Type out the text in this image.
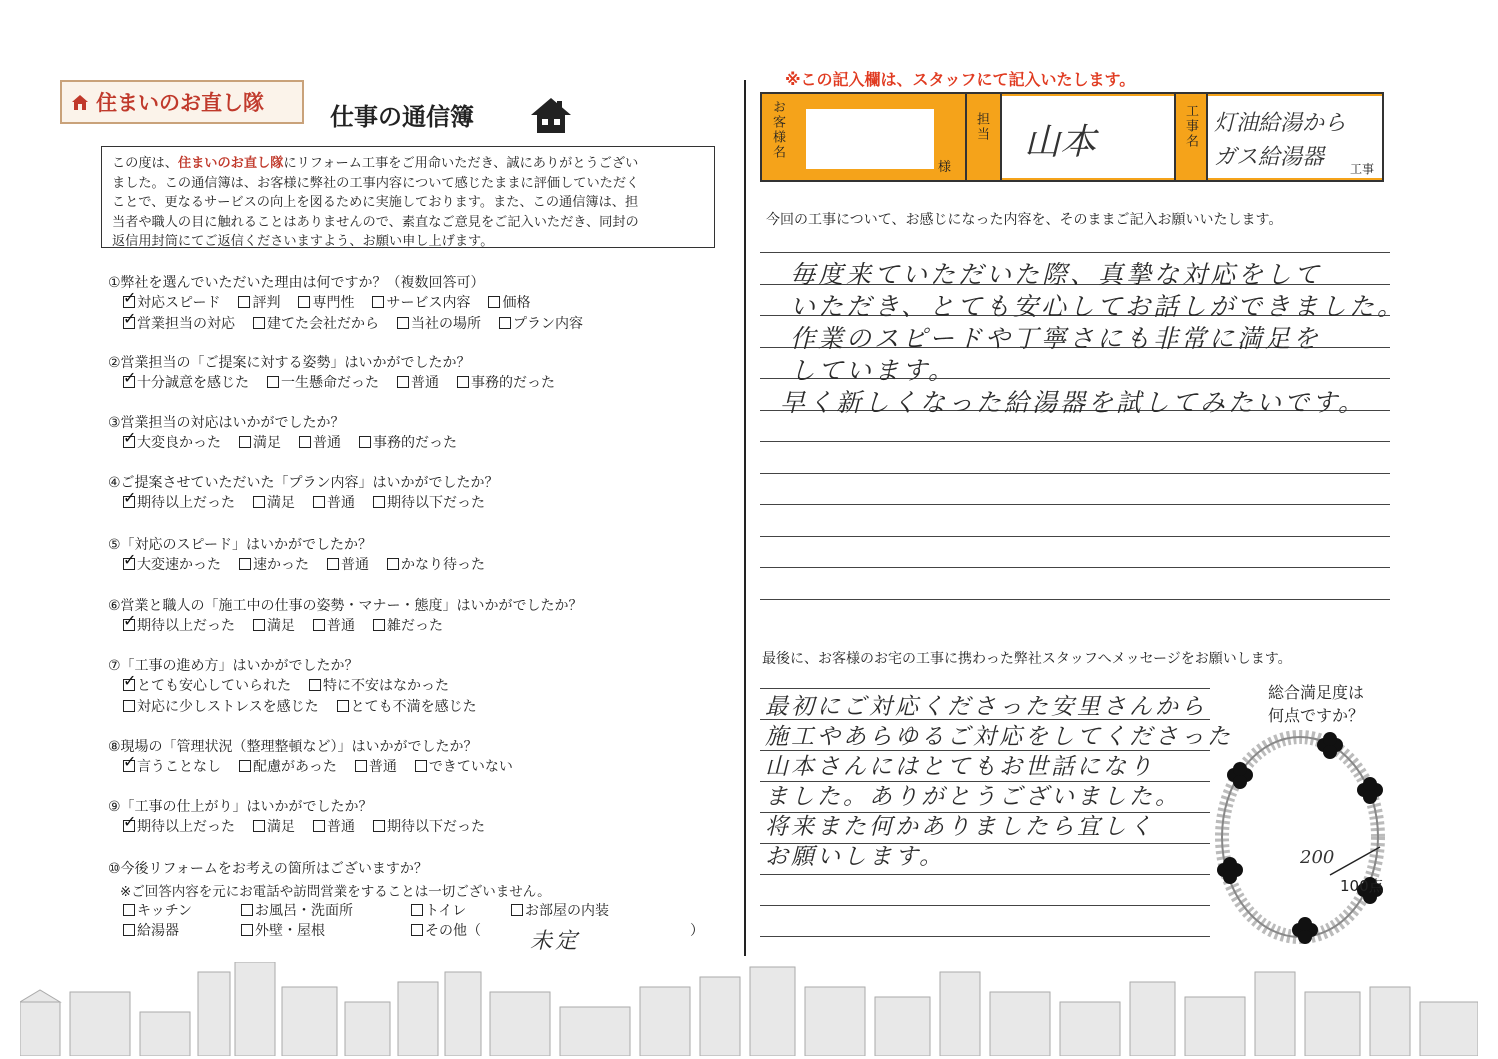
住まいのお直し隊	仕事の通信簿
この度は、住まいのお直し隊にリフォーム工事をご用命いただき、誠にありがとうござい
ました。この通信簿は、お客様に弊社の工事内容について感じたままに評価していただく
ことで、更なるサービスの向上を図るために実施しております。また、この通信簿は、担
当者や職人の目に触れることはありませんので、素直なご意見をご記入いただき、同封の
返信用封筒にてご返信くださいますよう、お願い申し上げます。
①弊社を選んでいただいた理由は何ですか？（複数回答可）
✓対応スピード 評判 専門性 サービス内容 価格
✓営業担当の対応 建てた会社だから 当社の場所 プラン内容
②営業担当の「ご提案に対する姿勢」はいかがでしたか？
✓十分誠意を感じた 一生懸命だった 普通 事務的だった
③営業担当の対応はいかがでしたか？
✓大変良かった 満足 普通 事務的だった
④ご提案させていただいた「プラン内容」はいかがでしたか？
✓期待以上だった 満足 普通 期待以下だった
⑤「対応のスピード」はいかがでしたか？
✓大変速かった 速かった 普通 かなり待った
⑥営業と職人の「施工中の仕事の姿勢・マナー・態度」はいかがでしたか？
✓期待以上だった 満足 普通 雑だった
⑦「工事の進め方」はいかがでしたか？
✓とても安心していられた 特に不安はなかった
対応に少しストレスを感じた とても不満を感じた
⑧現場の「管理状況（整理整頓など）」はいかがでしたか？
✓言うことなし 配慮があった 普通 できていない
⑨「工事の仕上がり」はいかがでしたか？
✓期待以上だった 満足 普通 期待以下だった
⑩今後リフォームをお考えの箇所はございますか？
※ご回答内容を元にお電話や訪問営業をすることは一切ございません。
キッチン	お風呂・洗面所	トイレ	お部屋の内装
給湯器	外壁・屋根	その他（ 未定	）
※この記入欄は、スタッフにて記入いたします。
お客様名
様
担当 山本	工事名 灯油給湯から
ガス給湯器 工事
今回の工事について、お感じになった内容を、そのままご記入お願いいたします。
毎度来ていただいた際、真摯な対応をして
いただき、とても安心してお話しができました。
作業のスピードや丁寧さにも非常に満足を
しています。
早く新しくなった給湯器を試してみたいです。
最後に、お客様のお宅の工事に携わった弊社スタッフへメッセージをお願いします。
最初にご対応くださった安里さんから
施工やあらゆるご対応をしてくださった
山本さんにはとてもお世話になり
ました。ありがとうございました。
将来また何かありましたら宜しく
お願いします。
総合満足度は
何点ですか？
200
100点
